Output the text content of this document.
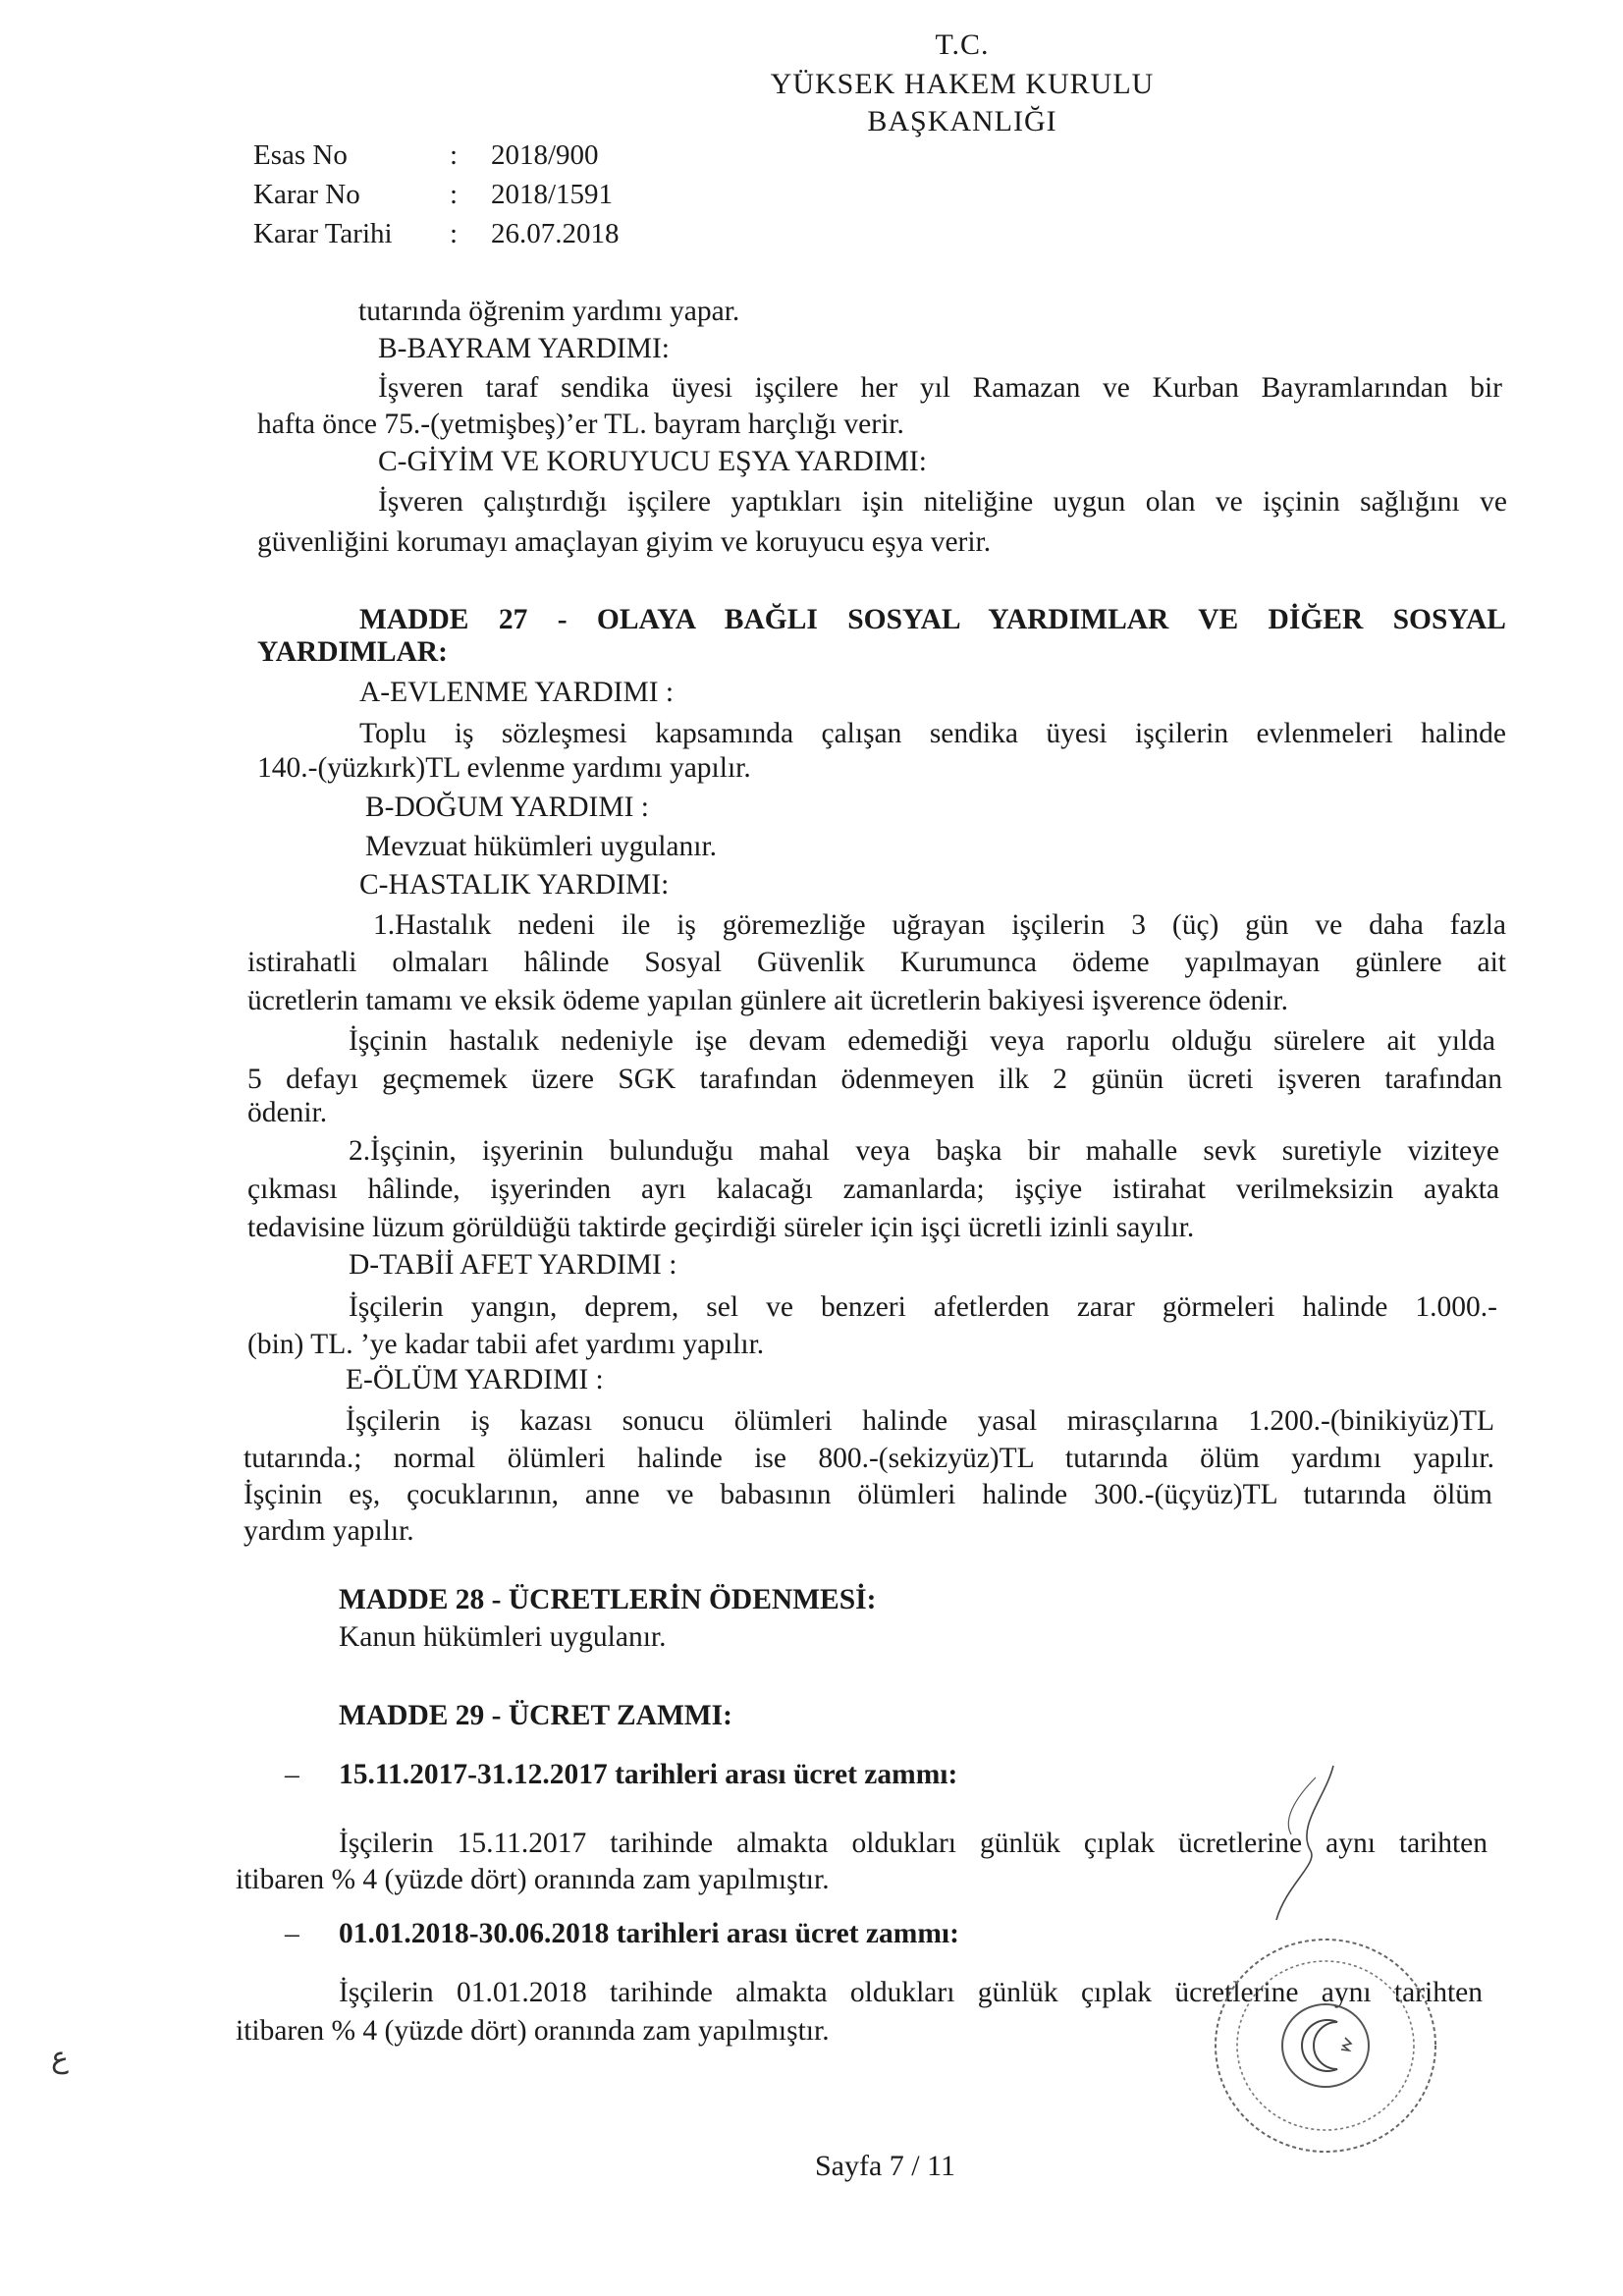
T.C.
YÜKSEK HAKEM KURULU
BAŞKANLIĞI
Esas No	: 2018/900
Karar No	: 2018/1591
Karar Tarihi : 26.07.2018
tutarında öğrenim yardımı yapar.
B-BAYRAM YARDIMI:
İşveren taraf sendika üyesi işçilere her yıl Ramazan ve Kurban Bayramlarından bir
hafta önce 75.-(yetmişbeş)’er TL. bayram harçlığı verir.
C-GİYİM VE KORUYUCU EŞYA YARDIMI:
İşveren çalıştırdığı işçilere yaptıkları işin niteliğine uygun olan ve işçinin sağlığını ve
güvenliğini korumayı amaçlayan giyim ve koruyucu eşya verir.
MADDE 27 - OLAYA BAĞLI SOSYAL YARDIMLAR VE DİĞER SOSYAL
YARDIMLAR:
A-EVLENME YARDIMI :
Toplu iş sözleşmesi kapsamında çalışan sendika üyesi işçilerin evlenmeleri halinde
140.-(yüzkırk)TL evlenme yardımı yapılır.
B-DOĞUM YARDIMI :
Mevzuat hükümleri uygulanır.
C-HASTALIK YARDIMI:
1.Hastalık nedeni ile iş göremezliğe uğrayan işçilerin 3 (üç) gün ve daha fazla
istirahatli olmaları hâlinde Sosyal Güvenlik Kurumunca ödeme yapılmayan günlere ait
ücretlerin tamamı ve eksik ödeme yapılan günlere ait ücretlerin bakiyesi işverence ödenir.
İşçinin hastalık nedeniyle işe devam edemediği veya raporlu olduğu sürelere ait yılda
5 defayı geçmemek üzere SGK tarafından ödenmeyen ilk 2 günün ücreti işveren tarafından
ödenir.
2.İşçinin, işyerinin bulunduğu mahal veya başka bir mahalle sevk suretiyle viziteye
çıkması hâlinde, işyerinden ayrı kalacağı zamanlarda; işçiye istirahat verilmeksizin ayakta
tedavisine lüzum görüldüğü taktirde geçirdiği süreler için işçi ücretli izinli sayılır.
D-TABİİ AFET YARDIMI :
İşçilerin yangın, deprem, sel ve benzeri afetlerden zarar görmeleri halinde 1.000.-
(bin) TL. ’ye kadar tabii afet yardımı yapılır.
E-ÖLÜM YARDIMI :
İşçilerin iş kazası sonucu ölümleri halinde yasal mirasçılarına 1.200.-(binikiyüz)TL
tutarında.; normal ölümleri halinde ise 800.-(sekizyüz)TL tutarında ölüm yardımı yapılır.
İşçinin eş, çocuklarının, anne ve babasının ölümleri halinde 300.-(üçyüz)TL tutarında ölüm
yardım yapılır.
MADDE 28 - ÜCRETLERİN ÖDENMESİ:
Kanun hükümleri uygulanır.
MADDE 29 - ÜCRET ZAMMI:
– 15.11.2017-31.12.2017 tarihleri arası ücret zammı:
İşçilerin 15.11.2017 tarihinde almakta oldukları günlük çıplak ücretlerine aynı tarihten
itibaren % 4 (yüzde dört) oranında zam yapılmıştır.
– 01.01.2018-30.06.2018 tarihleri arası ücret zammı:
İşçilerin 01.01.2018 tarihinde almakta oldukları günlük çıplak ücretlerine aynı tarihten
itibaren % 4 (yüzde dört) oranında zam yapılmıştır.
ع
Sayfa 7 / 11
